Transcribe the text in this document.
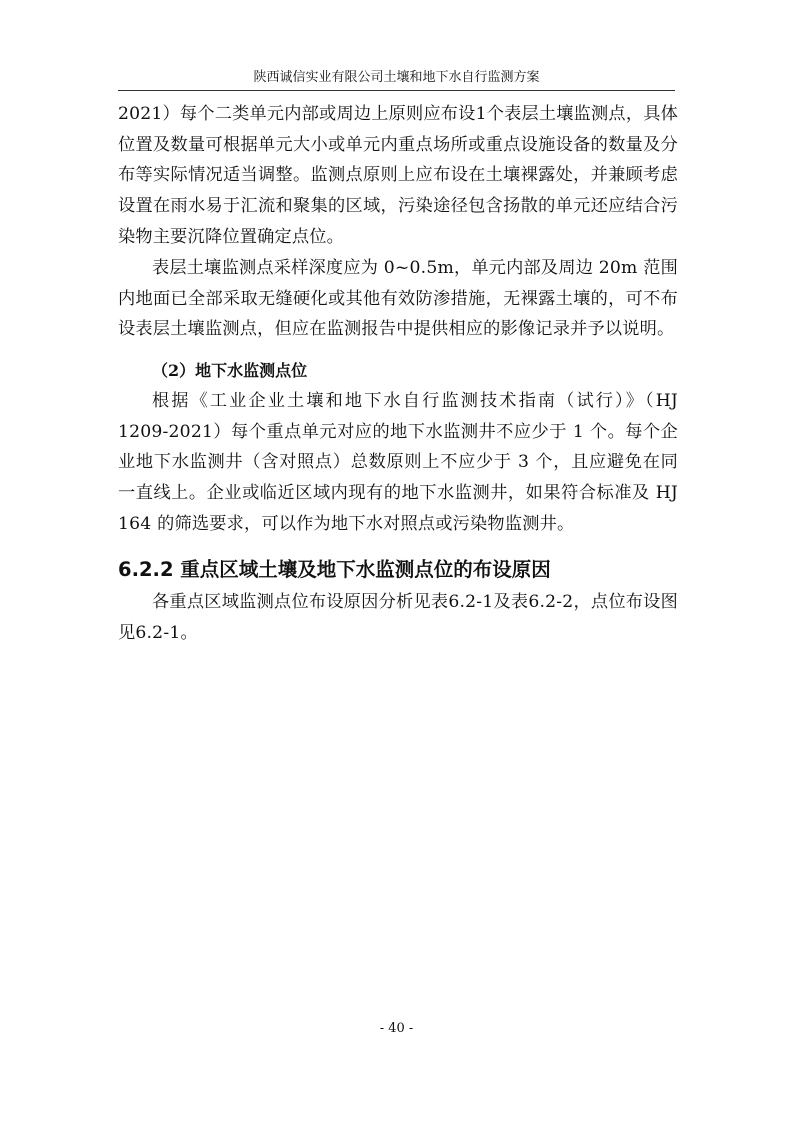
陕西诚信实业有限公司土壤和地下水自行监测方案

2021）每个二类单元内部或周边上原则应布设1个表层土壤监测点，具体位置及数量可根据单元大小或单元内重点场所或重点设施设备的数量及分布等实际情况适当调整。监测点原则上应布设在土壤裸露处，并兼顾考虑设置在雨水易于汇流和聚集的区域，污染途径包含扬散的单元还应结合污染物主要沉降位置确定点位。

表层土壤监测点采样深度应为 0~0.5m，单元内部及周边 20m 范围内地面已全部采取无缝硬化或其他有效防渗措施，无裸露土壤的，可不布设表层土壤监测点，但应在监测报告中提供相应的影像记录并予以说明。

（2）地下水监测点位

根据《工业企业土壤和地下水自行监测技术指南（试行）》（HJ 1209-2021）每个重点单元对应的地下水监测井不应少于 1 个。每个企业地下水监测井（含对照点）总数原则上不应少于 3 个，且应避免在同一直线上。企业或临近区域内现有的地下水监测井，如果符合标准及 HJ 164 的筛选要求，可以作为地下水对照点或污染物监测井。

6.2.2 重点区域土壤及地下水监测点位的布设原因

各重点区域监测点位布设原因分析见表6.2-1及表6.2-2，点位布设图见6.2-1。

- 40 -
